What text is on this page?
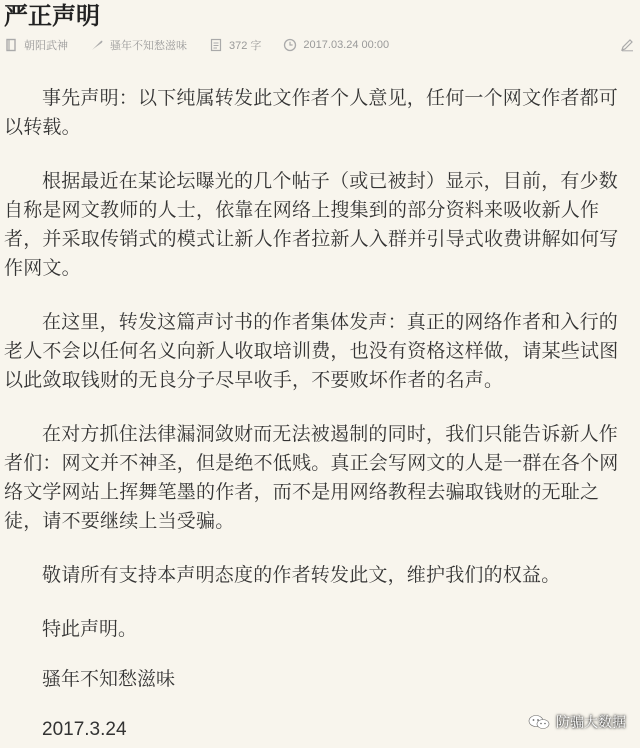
严正声明
朝阳武神	骚年不知愁滋味	372 字	2017.03.24 00:00

事先声明：以下纯属转发此文作者个人意见，任何一个网文作者都可以转载。

根据最近在某论坛曝光的几个帖子（或已被封）显示，目前，有少数自称是网文教师的人士，依靠在网络上搜集到的部分资料来吸收新人作者，并采取传销式的模式让新人作者拉新人入群并引导式收费讲解如何写作网文。

在这里，转发这篇声讨书的作者集体发声：真正的网络作者和入行的老人不会以任何名义向新人收取培训费，也没有资格这样做，请某些试图以此敛取钱财的无良分子尽早收手，不要败坏作者的名声。

在对方抓住法律漏洞敛财而无法被遏制的同时，我们只能告诉新人作者们：网文并不神圣，但是绝不低贱。真正会写网文的人是一群在各个网络文学网站上挥舞笔墨的作者，而不是用网络教程去骗取钱财的无耻之徒，请不要继续上当受骗。

敬请所有支持本声明态度的作者转发此文，维护我们的权益。

特此声明。

骚年不知愁滋味

2017.3.24	防骗大数据
